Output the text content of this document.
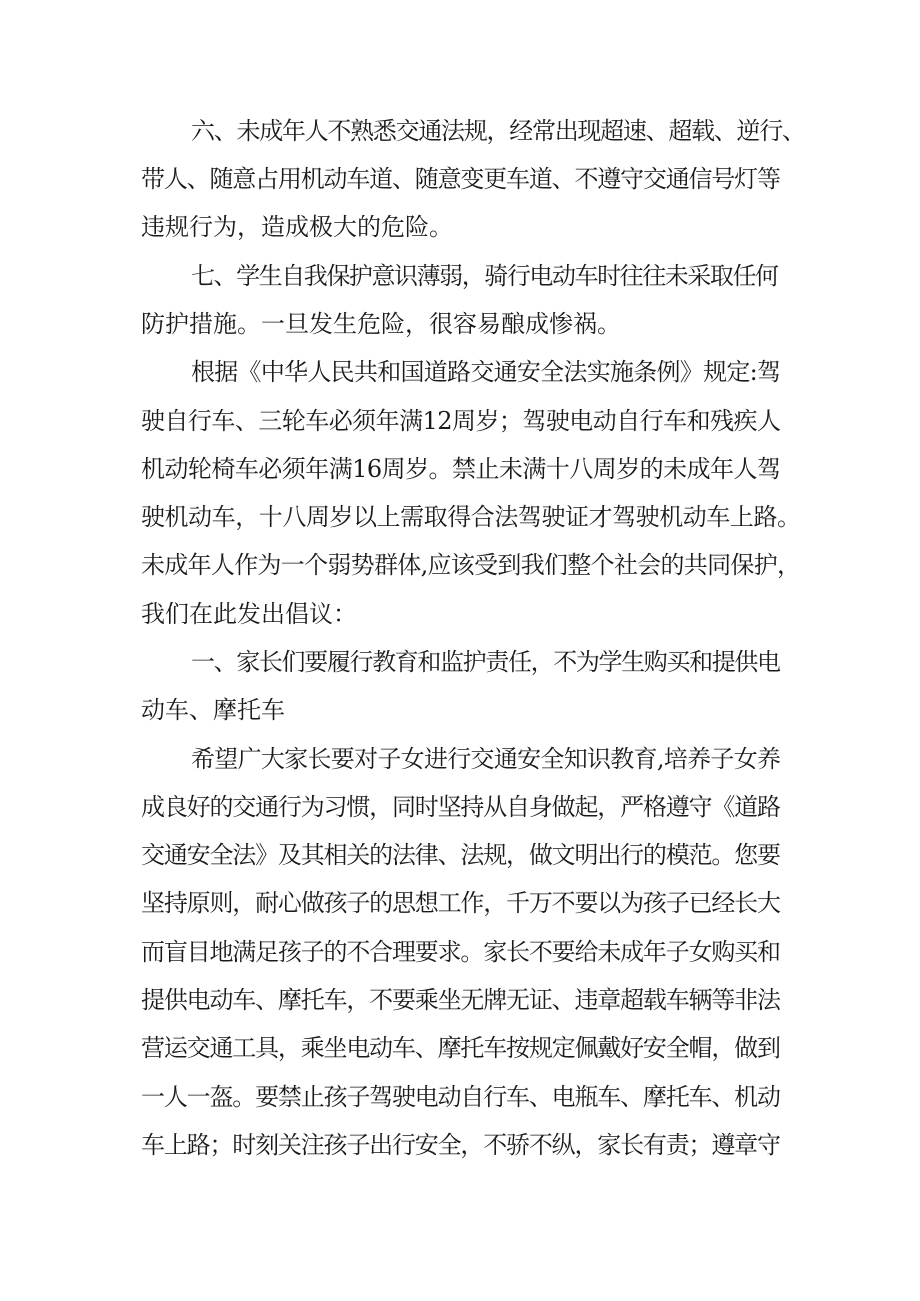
六、未成年人不熟悉交通法规，经常出现超速、超载、逆行、

带人、随意占用机动车道、随意变更车道、不遵守交通信号灯等

违规行为，造成极大的危险。

七、学生自我保护意识薄弱，骑行电动车时往往未采取任何

防护措施。一旦发生危险，很容易酿成惨祸。

根据《中华人民共和国道路交通安全法实施条例》规定:驾

驶自行车、三轮车必须年满12周岁；驾驶电动自行车和残疾人

机动轮椅车必须年满16周岁。禁止未满十八周岁的未成年人驾

驶机动车，十八周岁以上需取得合法驾驶证才驾驶机动车上路。

未成年人作为一个弱势群体,应该受到我们整个社会的共同保护，

我们在此发出倡议：

一、家长们要履行教育和监护责任，不为学生购买和提供电

动车、摩托车

希望广大家长要对子女进行交通安全知识教育,培养子女养

成良好的交通行为习惯，同时坚持从自身做起，严格遵守《道路

交通安全法》及其相关的法律、法规，做文明出行的模范。您要

坚持原则，耐心做孩子的思想工作，千万不要以为孩子已经长大

而盲目地满足孩子的不合理要求。家长不要给未成年子女购买和

提供电动车、摩托车，不要乘坐无牌无证、违章超载车辆等非法

营运交通工具，乘坐电动车、摩托车按规定佩戴好安全帽，做到

一人一盔。要禁止孩子驾驶电动自行车、电瓶车、摩托车、机动

车上路；时刻关注孩子出行安全，不骄不纵，家长有责；遵章守
